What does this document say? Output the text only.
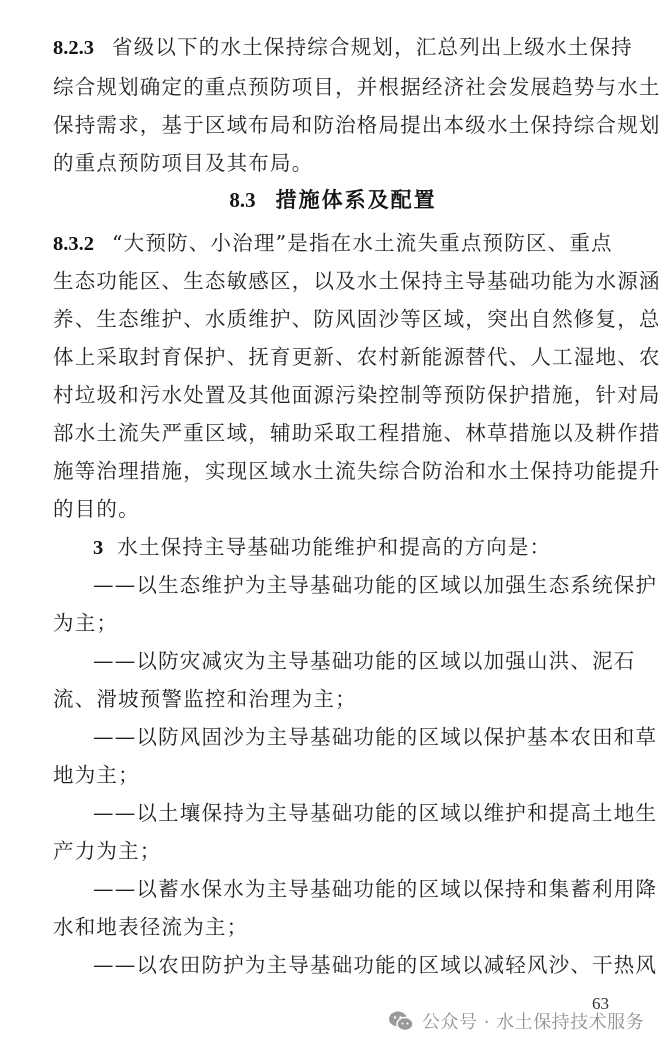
8.2.3 省级以下的水土保持综合规划，汇总列出上级水土保持
综合规划确定的重点预防项目，并根据经济社会发展趋势与水土
保持需求，基于区域布局和防治格局提出本级水土保持综合规划
的重点预防项目及其布局。
8.3 措施体系及配置
8.3.2 “大预防、小治理”是指在水土流失重点预防区、重点
生态功能区、生态敏感区，以及水土保持主导基础功能为水源涵
养、生态维护、水质维护、防风固沙等区域，突出自然修复，总
体上采取封育保护、抚育更新、农村新能源替代、人工湿地、农
村垃圾和污水处置及其他面源污染控制等预防保护措施，针对局
部水土流失严重区域，辅助采取工程措施、林草措施以及耕作措
施等治理措施，实现区域水土流失综合防治和水土保持功能提升
的目的。
3 水土保持主导基础功能维护和提高的方向是：
——以生态维护为主导基础功能的区域以加强生态系统保护
为主；
——以防灾减灾为主导基础功能的区域以加强山洪、泥石
流、滑坡预警监控和治理为主；
——以防风固沙为主导基础功能的区域以保护基本农田和草
地为主；
——以土壤保持为主导基础功能的区域以维护和提高土地生
产力为主；
——以蓄水保水为主导基础功能的区域以保持和集蓄利用降
水和地表径流为主；
——以农田防护为主导基础功能的区域以减轻风沙、干热风
63
公众号 · 水土保持技术服务
